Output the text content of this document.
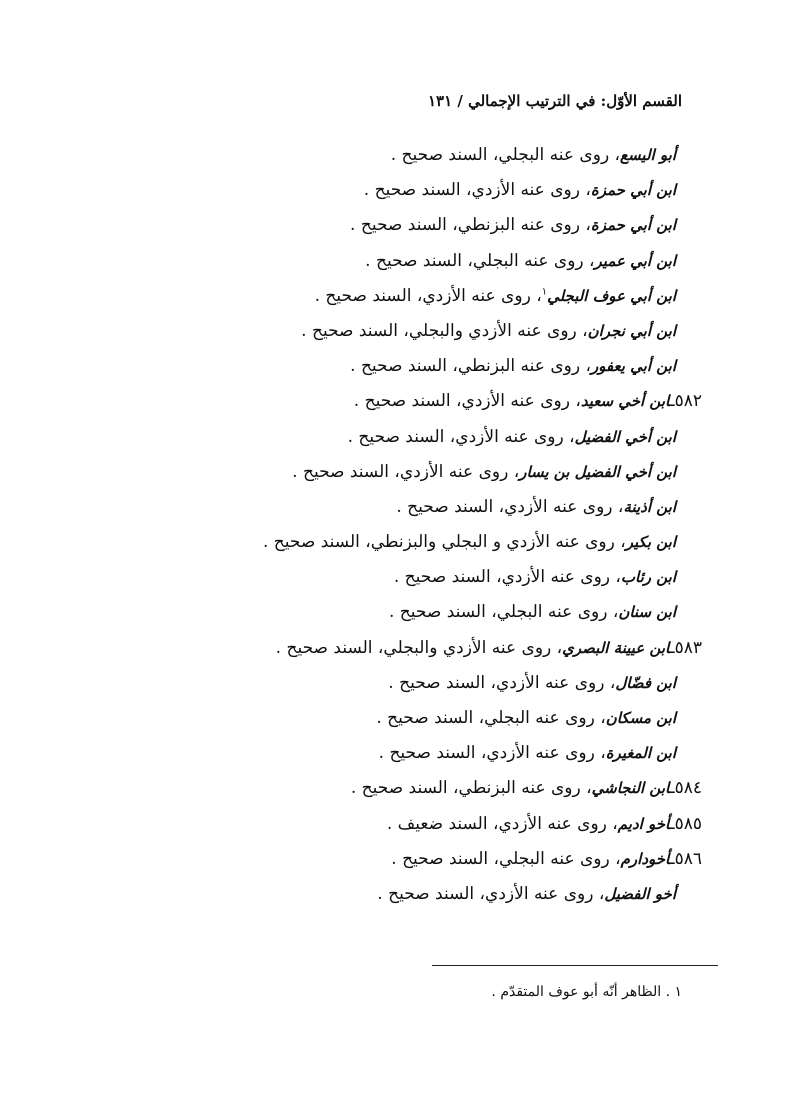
القسم الأوّل: في الترتيب الإجمالي / ١٣١
أبو اليسع، روى عنه البجلي، السند صحيح .
ابن أبي حمزة، روى عنه الأزدي، السند صحيح .
ابن أبي حمزة، روى عنه البزنطي، السند صحيح .
ابن أبي عمير، روى عنه البجلي، السند صحيح .
ابن أبي عوف البجلي$^١$، روى عنه الأزدي، السند صحيح .
ابن أبي نجران، روى عنه الأزدي والبجلي، السند صحيح .
ابن أبي يعفور، روى عنه البزنطي، السند صحيح .
٥٨٢ـابن أخي سعيد، روى عنه الأزدي، السند صحيح .
ابن أخي الفضيل، روى عنه الأزدي، السند صحيح .
ابن أخي الفضيل بن يسار، روى عنه الأزدي، السند صحيح .
ابن أذينة، روى عنه الأزدي، السند صحيح .
ابن بكير، روى عنه الأزدي و البجلي والبزنطي، السند صحيح .
ابن رئاب، روى عنه الأزدي، السند صحيح .
ابن سنان، روى عنه البجلي، السند صحيح .
٥٨٣ـابن عيينة البصري، روى عنه الأزدي والبجلي، السند صحيح .
ابن فضّال، روى عنه الأزدي، السند صحيح .
ابن مسكان، روى عنه البجلي، السند صحيح .
ابن المغيرة، روى عنه الأزدي، السند صحيح .
٥٨٤ـابن النجاشي، روى عنه البزنطي، السند صحيح .
٥٨٥ـأخو اديم، روى عنه الأزدي، السند ضعيف .
٥٨٦ـأخودارم، روى عنه البجلي، السند صحيح .
أخو الفضيل، روى عنه الأزدي، السند صحيح .
١ . الظاهر أنّه أبو عوف المتقدّم .
